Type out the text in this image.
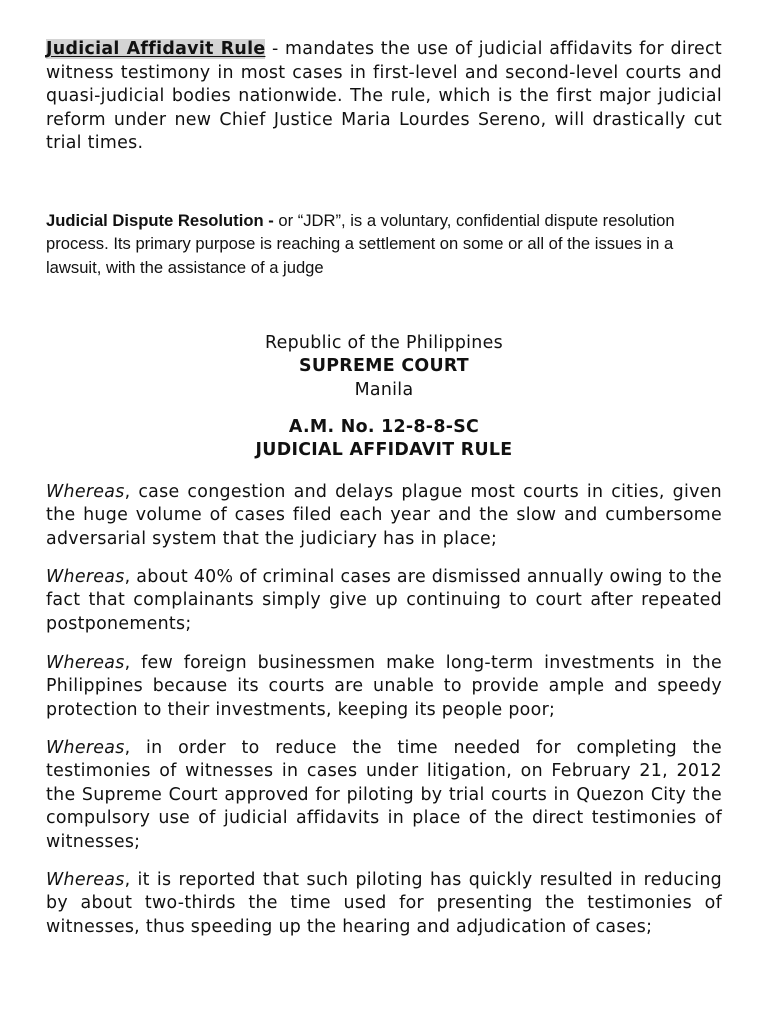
Judicial Affidavit Rule - mandates the use of judicial affidavits for direct witness testimony in most cases in first-level and second-level courts and quasi-judicial bodies nationwide. The rule, which is the first major judicial reform under new Chief Justice Maria Lourdes Sereno, will drastically cut trial times.

Judicial Dispute Resolution - or “JDR”, is a voluntary, confidential dispute resolution process. Its primary purpose is reaching a settlement on some or all of the issues in a lawsuit, with the assistance of a judge

Republic of the Philippines
SUPREME COURT
Manila
A.M. No. 12-8-8-SC
JUDICIAL AFFIDAVIT RULE

Whereas, case congestion and delays plague most courts in cities, given the huge volume of cases filed each year and the slow and cumbersome adversarial system that the judiciary has in place;

Whereas, about 40% of criminal cases are dismissed annually owing to the fact that complainants simply give up continuing to court after repeated postponements;

Whereas, few foreign businessmen make long-term investments in the Philippines because its courts are unable to provide ample and speedy protection to their investments, keeping its people poor;

Whereas, in order to reduce the time needed for completing the testimonies of witnesses in cases under litigation, on February 21, 2012 the Supreme Court approved for piloting by trial courts in Quezon City the compulsory use of judicial affidavits in place of the direct testimonies of witnesses;

Whereas, it is reported that such piloting has quickly resulted in reducing by about two-thirds the time used for presenting the testimonies of witnesses, thus speeding up the hearing and adjudication of cases;
